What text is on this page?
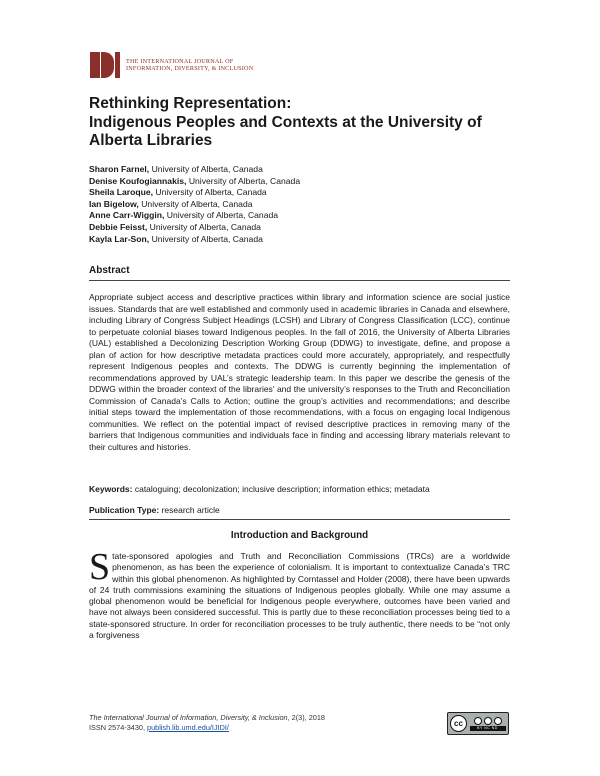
THE INTERNATIONAL JOURNAL OF
INFORMATION, DIVERSITY, & INCLUSION
Rethinking Representation:
Indigenous Peoples and Contexts at the University of
Alberta Libraries
Sharon Farnel, University of Alberta, Canada
Denise Koufogiannakis, University of Alberta, Canada
Sheila Laroque, University of Alberta, Canada
Ian Bigelow, University of Alberta, Canada
Anne Carr-Wiggin, University of Alberta, Canada
Debbie Feisst, University of Alberta, Canada
Kayla Lar-Son, University of Alberta, Canada
Abstract
Appropriate subject access and descriptive practices within library and information science are social justice issues. Standards that are well established and commonly used in academic libraries in Canada and elsewhere, including Library of Congress Subject Headings (LCSH) and Library of Congress Classification (LCC), continue to perpetuate colonial biases toward Indigenous peoples. In the fall of 2016, the University of Alberta Libraries (UAL) established a Decolonizing Description Working Group (DDWG) to investigate, define, and propose a plan of action for how descriptive metadata practices could more accurately, appropriately, and respectfully represent Indigenous peoples and contexts. The DDWG is currently beginning the implementation of recommendations approved by UAL’s strategic leadership team. In this paper we describe the genesis of the DDWG within the broader context of the libraries’ and the university’s responses to the Truth and Reconciliation Commission of Canada’s Calls to Action; outline the group’s activities and recommendations; and describe initial steps toward the implementation of those recommendations, with a focus on engaging local Indigenous communities. We reflect on the potential impact of revised descriptive practices in removing many of the barriers that Indigenous communities and individuals face in finding and accessing library materials relevant to their cultures and histories.
Keywords: cataloguing; decolonization; inclusive description; information ethics; metadata
Publication Type: research article
Introduction and Background
State-sponsored apologies and Truth and Reconciliation Commissions (TRCs) are a worldwide phenomenon, as has been the experience of colonialism. It is important to contextualize Canada’s TRC within this global phenomenon. As highlighted by Corntassel and Holder (2008), there have been upwards of 24 truth commissions examining the situations of Indigenous peoples globally. While one may assume a global phenomenon would be beneficial for Indigenous people everywhere, outcomes have been varied and have not always been considered successful. This is partly due to these reconciliation processes being tied to a state-sponsored structure. In order for reconciliation processes to be truly authentic, there needs to be “not only a forgiveness
The International Journal of Information, Diversity, & Inclusion, 2(3), 2018
ISSN 2574-3430, publish.lib.umd.edu/IJIDI/	cc	BY NC ND
